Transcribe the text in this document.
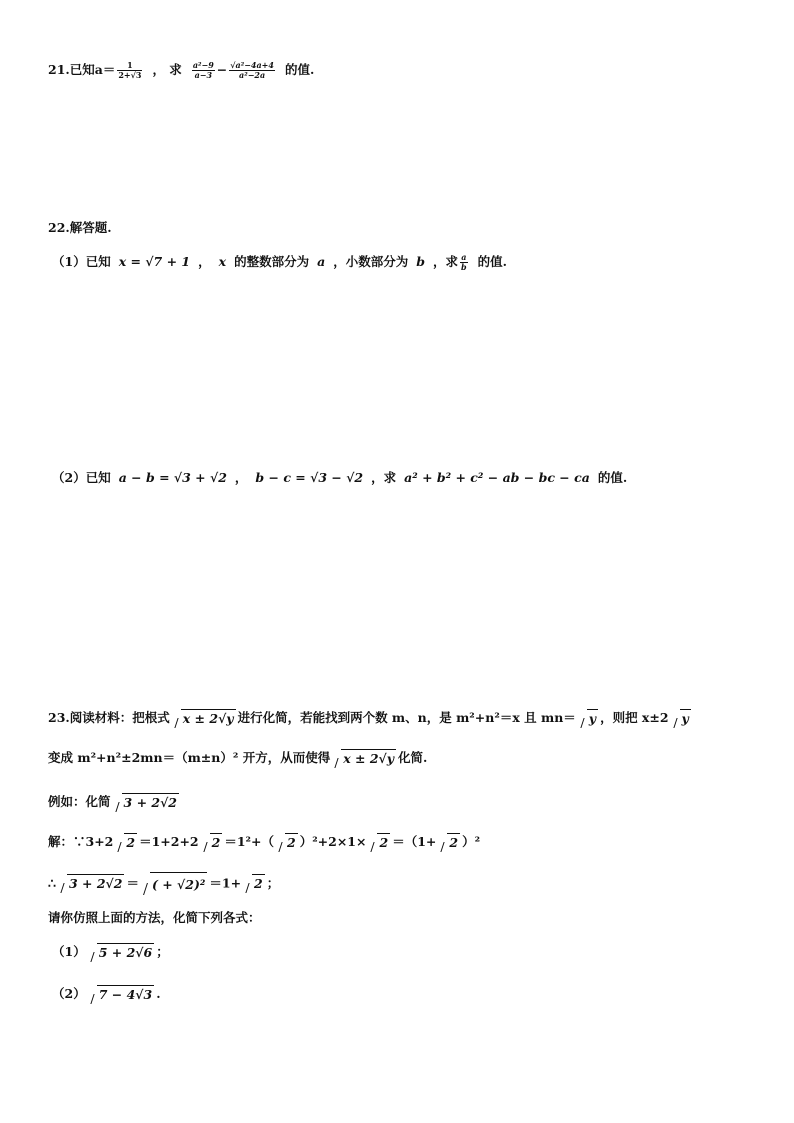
21.已知$a= \frac{1}{2+√3}$ ， 求 $\frac{\text{a²−9}}{a-3} - \frac{\text{√a²−4a+4}}{\text{a²−2a}}$ 的值.
22.解答题.
（1）已知 x = √7 + 1 ， x 的整数部分为 a ，小数部分为 b ，求 $\frac{a}{b}$ 的值.
（2）已知 a − b = √3 + √2 ， b − c = √3 − √2 ，求 a² + b² + c² − ab − bc − ca 的值.
23.阅读材料：把根式 x ± 2√y 进行化简，若能找到两个数 m、n，是 m²+n²＝x 且 mn＝ y ，则把 x±2 y
变成 m²+n²±2mn＝（m±n）² 开方，从而使得 x ± 2√y 化简.
例如：化简 3 + 2√2
解：∵3+2 2 ＝1+2+2 2 ＝1²+（ 2 ）²+2×1× 2 ＝（1+ 2 ）²
∴ 3 + 2√2 ＝ ( + √2)² ＝1+ 2 ；
请你仿照上面的方法，化简下列各式：
（1） 5 + 2√6 ；
（2） 7 − 4√3 .
